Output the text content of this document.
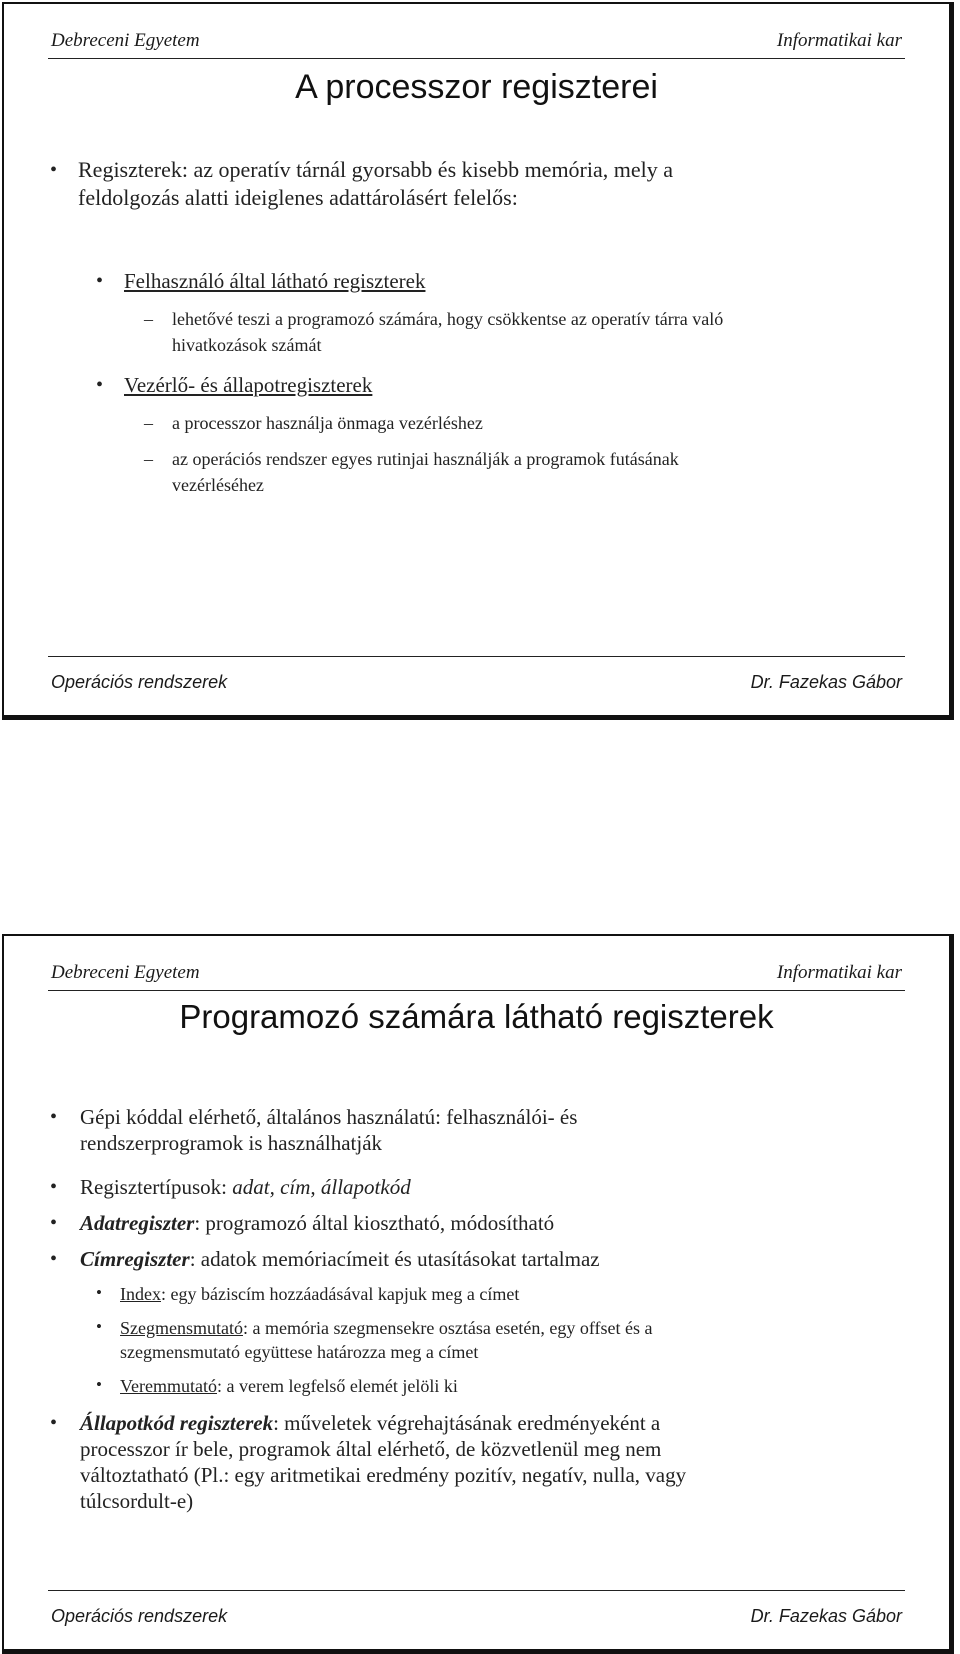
Debreceni Egyetem	Informatikai kar
A processzor regiszterei
• Regiszterek: az operatív tárnál gyorsabb és kisebb memória, mely a
feldolgozás alatti ideiglenes adattárolásért felelős:
• Felhasználó által látható regiszterek
– lehetővé teszi a programozó számára, hogy csökkentse az operatív tárra való
hivatkozások számát
• Vezérlő- és állapotregiszterek
– a processzor használja önmaga vezérléshez
– az operációs rendszer egyes rutinjai használják a programok futásának
vezérléséhez
Operációs rendszerek	Dr. Fazekas Gábor
Debreceni Egyetem	Informatikai kar
Programozó számára látható regiszterek
• Gépi kóddal elérhető, általános használatú: felhasználói- és
rendszerprogramok is használhatják
• Regisztertípusok: adat, cím, állapotkód
• Adatregiszter: programozó által kiosztható, módosítható
• Címregiszter: adatok memóriacímeit és utasításokat tartalmaz
• Index: egy báziscím hozzáadásával kapjuk meg a címet
• Szegmensmutató: a memória szegmensekre osztása esetén, egy offset és a
szegmensmutató együttese határozza meg a címet
• Veremmutató: a verem legfelső elemét jelöli ki
• Állapotkód regiszterek: műveletek végrehajtásának eredményeként a
processzor ír bele, programok által elérhető, de közvetlenül meg nem
változtatható (Pl.: egy aritmetikai eredmény pozitív, negatív, nulla, vagy
túlcsordult-e)
Operációs rendszerek	Dr. Fazekas Gábor
